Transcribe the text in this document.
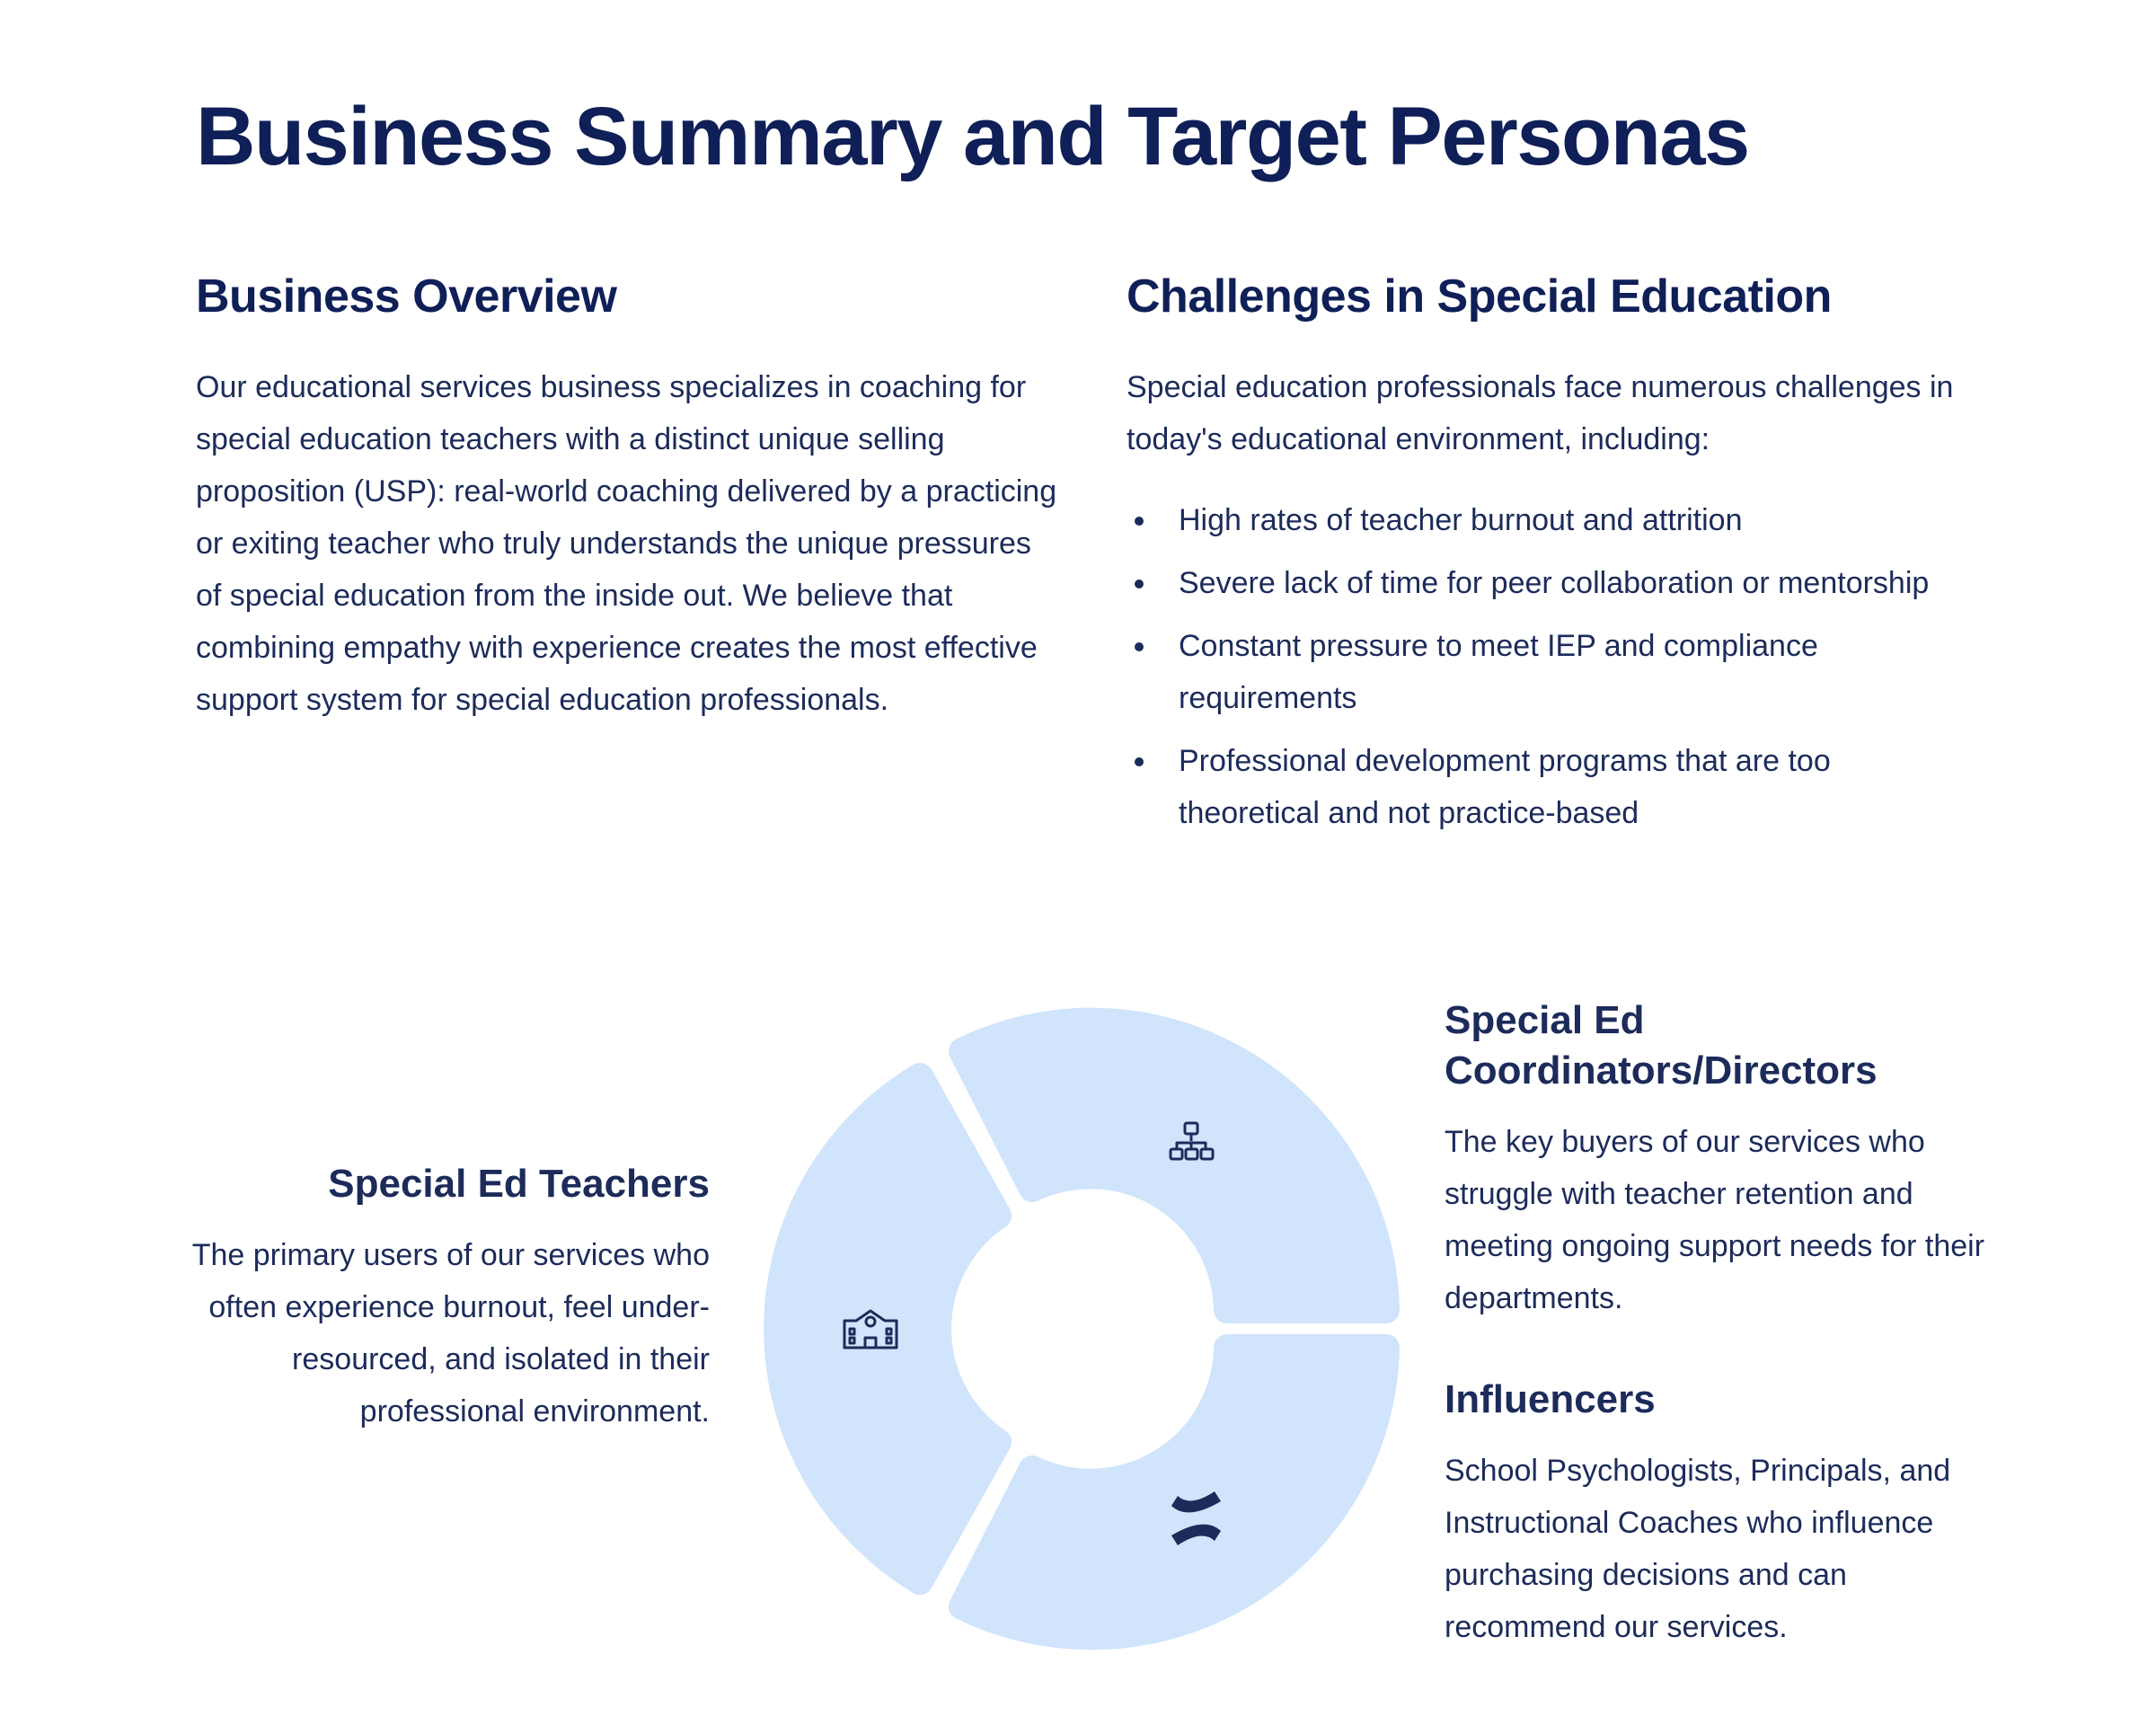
Business Summary and Target Personas
Business Overview

Our educational services business specializes in coaching for special education teachers with a distinct unique selling proposition (USP): real-world coaching delivered by a practicing or exiting teacher who truly understands the unique pressures of special education from the inside out. We believe that combining empathy with experience creates the most effective support system for special education professionals.

Challenges in Special Education

Special education professionals face numerous challenges in today's educational environment, including:

High rates of teacher burnout and attrition
Severe lack of time for peer collaboration or mentorship
Constant pressure to meet IEP and compliance requirements
Professional development programs that are too theoretical and not practice-based
Special Ed Teachers

The primary users of our services who often experience burnout, feel under-resourced, and isolated in their professional environment.

Special Ed Coordinators/Directors

The key buyers of our services who struggle with teacher retention and meeting ongoing support needs for their departments.

Influencers

School Psychologists, Principals, and Instructional Coaches who influence purchasing decisions and can recommend our services.
